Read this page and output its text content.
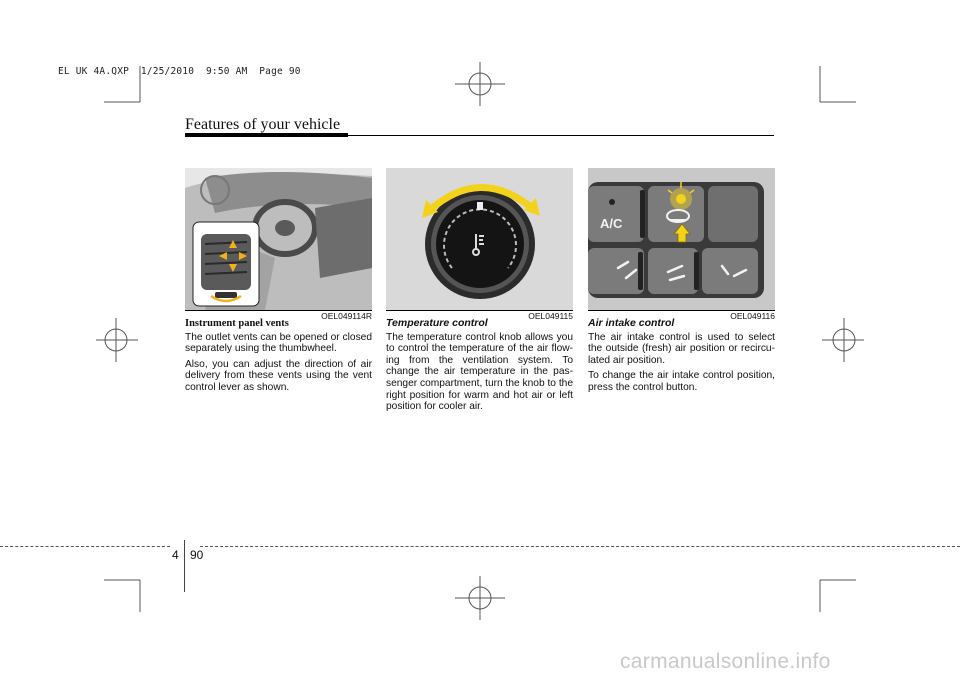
EL UK 4A.QXP  1/25/2010  9:50 AM  Page 90
Features of your vehicle
OEL049114R	OEL049115
A/C
OEL049116

Instrument panel vents

The outlet vents can be opened or closed separately using the thumbwheel.

Also, you can adjust the direction of air delivery from these vents using the vent control lever as shown.

Temperature control

The temperature control knob allows you to control the temperature of the air flow-ing from the ventilation system. To change the air temperature in the pas-senger compartment, turn the knob to the right position for warm and hot air or left position for cooler air.

Air intake control

The air intake control is used to select the outside (fresh) air position or recircu-lated air position.

To change the air intake control position, press the control button.

4 90
carmanualsonline.info
